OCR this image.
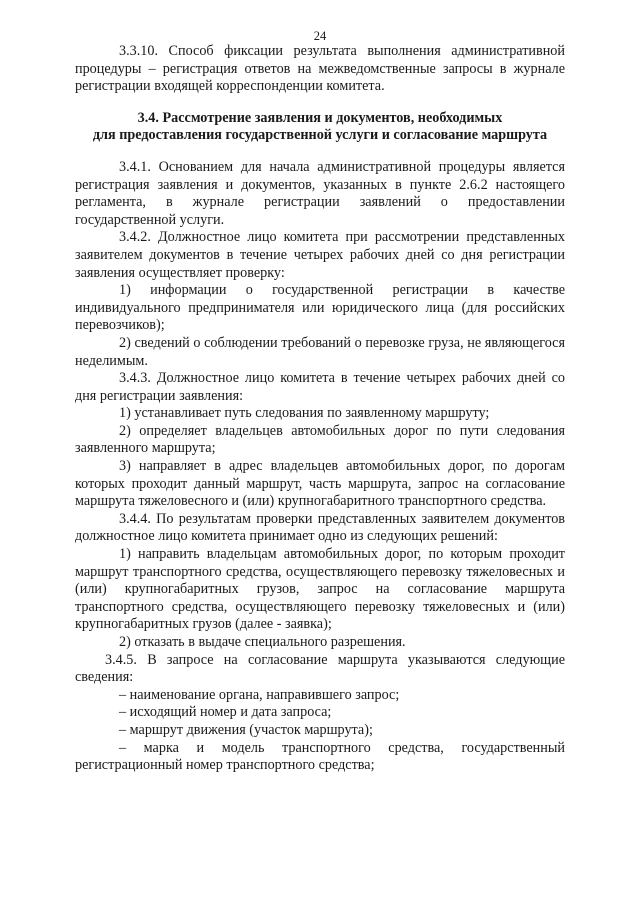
24

3.3.10. Способ фиксации результата выполнения административной процедуры – регистрация ответов на межведомственные запросы в журнале регистрации входящей корреспонденции комитета.

3.4. Рассмотрение заявления и документов, необходимых
для предоставления государственной услуги и согласование маршрута

3.4.1. Основанием для начала административной процедуры является регистрация заявления и документов, указанных в пункте 2.6.2 настоящего регламента, в журнале регистрации заявлений о предоставлении государственной услуги.

3.4.2. Должностное лицо комитета при рассмотрении представленных заявителем документов в течение четырех рабочих дней со дня регистрации заявления осуществляет проверку:

1) информации о государственной регистрации в качестве индивидуального предпринимателя или юридического лица (для российских перевозчиков);

2) сведений о соблюдении требований о перевозке груза, не являющегося неделимым.

3.4.3. Должностное лицо комитета в течение четырех рабочих дней со дня регистрации заявления:

1) устанавливает путь следования по заявленному маршруту;

2) определяет владельцев автомобильных дорог по пути следования заявленного маршрута;

3) направляет в адрес владельцев автомобильных дорог, по дорогам которых проходит данный маршрут, часть маршрута, запрос на согласование маршрута тяжеловесного и (или) крупногабаритного транспортного средства.

3.4.4. По результатам проверки представленных заявителем документов должностное лицо комитета принимает одно из следующих решений:

1) направить владельцам автомобильных дорог, по которым проходит маршрут транспортного средства, осуществляющего перевозку тяжеловесных и (или) крупногабаритных грузов, запрос на согласование маршрута транспортного средства, осуществляющего перевозку тяжеловесных и (или) крупногабаритных грузов (далее - заявка);

2) отказать в выдаче специального разрешения.

3.4.5. В запросе на согласование маршрута указываются следующие сведения:

– наименование органа, направившего запрос;

– исходящий номер и дата запроса;

– маршрут движения (участок маршрута);

– марка и модель транспортного средства, государственный регистрационный номер транспортного средства;
